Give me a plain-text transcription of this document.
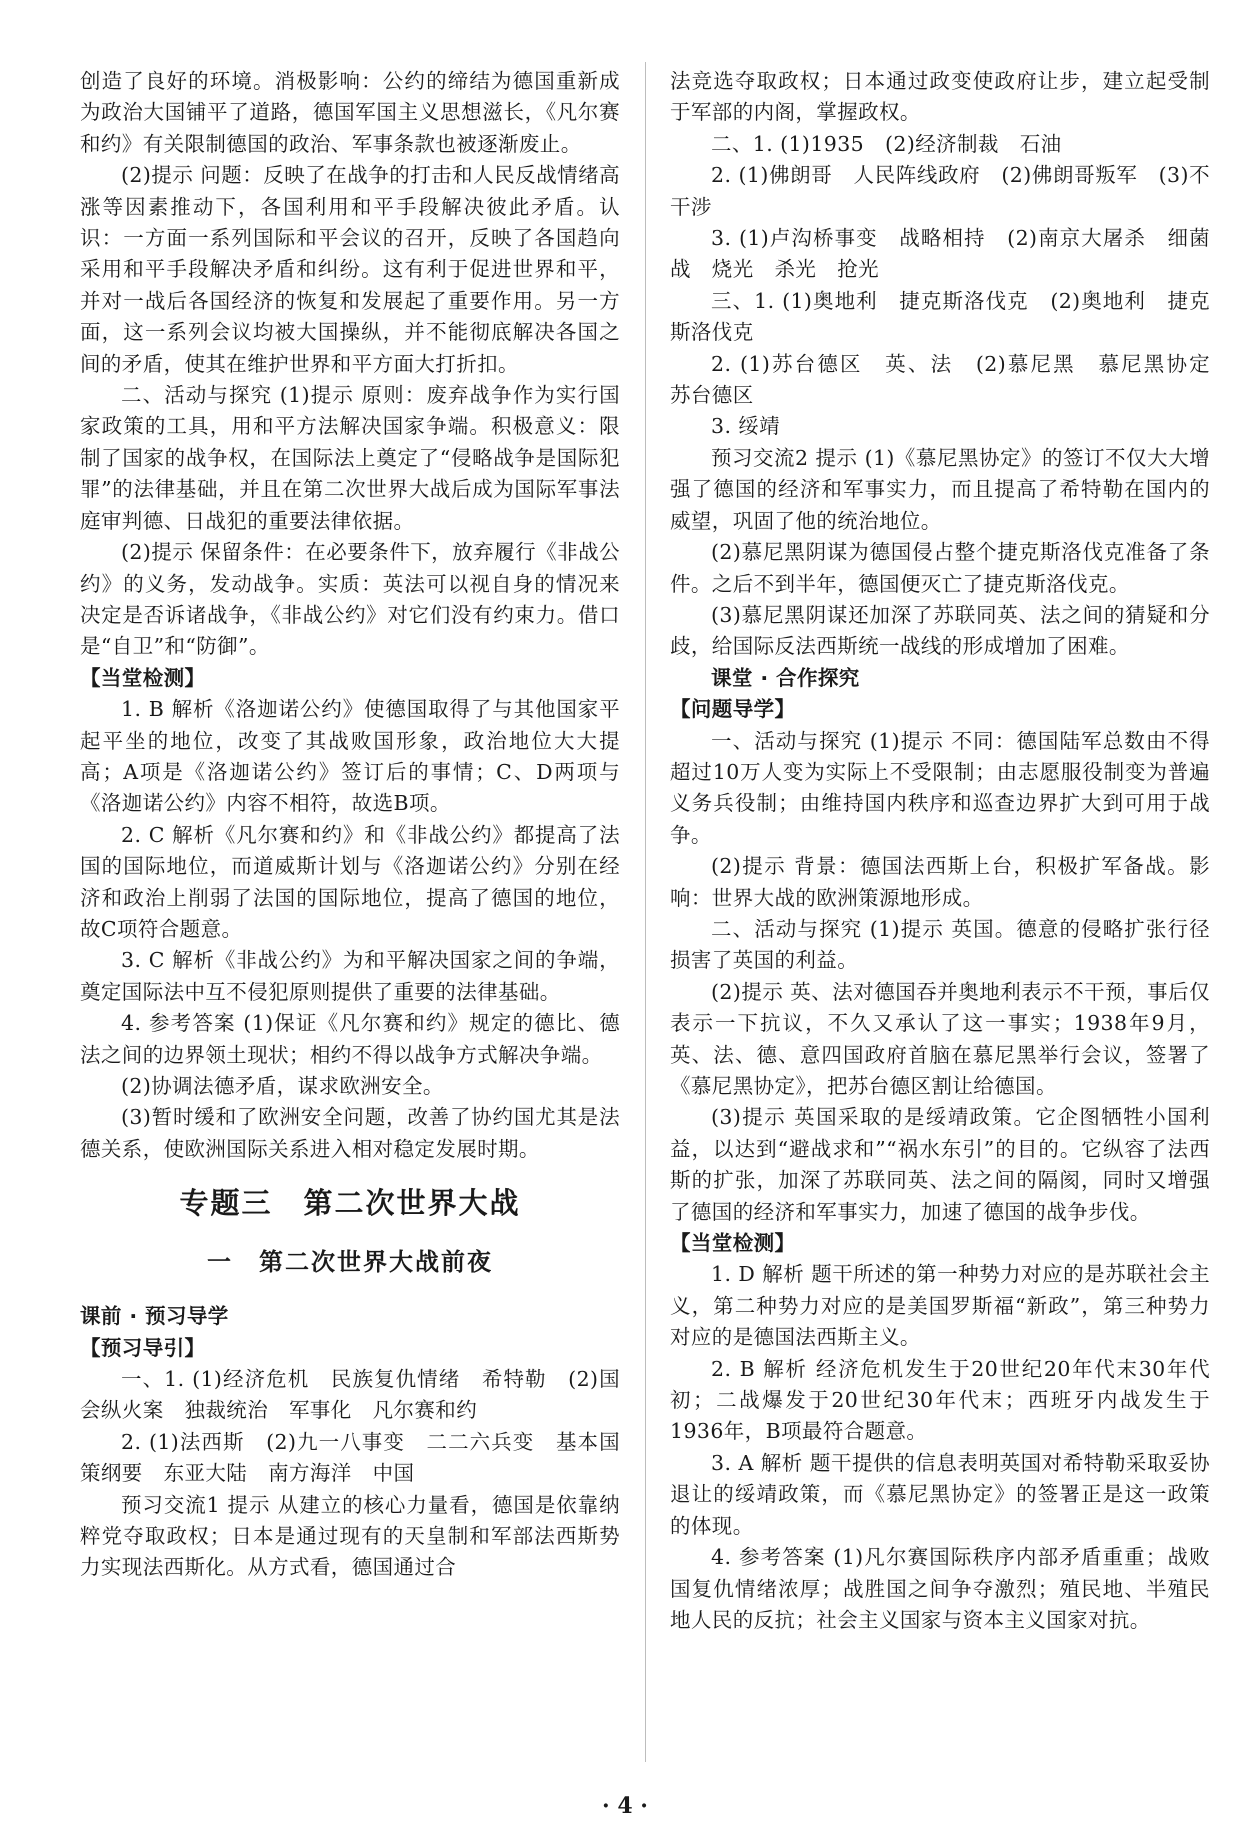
创造了良好的环境。消极影响：公约的缔结为德国重新成为政治大国铺平了道路，德国军国主义思想滋长，《凡尔赛和约》有关限制德国的政治、军事条款也被逐渐废止。

(2)提示 问题：反映了在战争的打击和人民反战情绪高涨等因素推动下，各国利用和平手段解决彼此矛盾。认识：一方面一系列国际和平会议的召开，反映了各国趋向采用和平手段解决矛盾和纠纷。这有利于促进世界和平，并对一战后各国经济的恢复和发展起了重要作用。另一方面，这一系列会议均被大国操纵，并不能彻底解决各国之间的矛盾，使其在维护世界和平方面大打折扣。

二、活动与探究 (1)提示 原则：废弃战争作为实行国家政策的工具，用和平方法解决国家争端。积极意义：限制了国家的战争权，在国际法上奠定了“侵略战争是国际犯罪”的法律基础，并且在第二次世界大战后成为国际军事法庭审判德、日战犯的重要法律依据。

(2)提示 保留条件：在必要条件下，放弃履行《非战公约》的义务，发动战争。实质：英法可以视自身的情况来决定是否诉诸战争，《非战公约》对它们没有约束力。借口是“自卫”和“防御”。

【当堂检测】

1. B 解析《洛迦诺公约》使德国取得了与其他国家平起平坐的地位，改变了其战败国形象，政治地位大大提高；A项是《洛迦诺公约》签订后的事情；C、D两项与《洛迦诺公约》内容不相符，故选B项。

2. C 解析《凡尔赛和约》和《非战公约》都提高了法国的国际地位，而道威斯计划与《洛迦诺公约》分别在经济和政治上削弱了法国的国际地位，提高了德国的地位，故C项符合题意。

3. C 解析《非战公约》为和平解决国家之间的争端，奠定国际法中互不侵犯原则提供了重要的法律基础。

4. 参考答案 (1)保证《凡尔赛和约》规定的德比、德法之间的边界领土现状；相约不得以战争方式解决争端。

(2)协调法德矛盾，谋求欧洲安全。

(3)暂时缓和了欧洲安全问题，改善了协约国尤其是法德关系，使欧洲国际关系进入相对稳定发展时期。

专题三　第二次世界大战
一　第二次世界大战前夜

课前 · 预习导学

【预习导引】

一、1. (1)经济危机　民族复仇情绪　希特勒　(2)国会纵火案　独裁统治　军事化　凡尔赛和约

2. (1)法西斯　(2)九一八事变　二二六兵变　基本国策纲要　东亚大陆　南方海洋　中国

预习交流1 提示 从建立的核心力量看，德国是依靠纳粹党夺取政权；日本是通过现有的天皇制和军部法西斯势力实现法西斯化。从方式看，德国通过合

法竞选夺取政权；日本通过政变使政府让步，建立起受制于军部的内阁，掌握政权。

二、1. (1)1935　(2)经济制裁　石油

2. (1)佛朗哥　人民阵线政府　(2)佛朗哥叛军　(3)不干涉

3. (1)卢沟桥事变　战略相持　(2)南京大屠杀　细菌战　烧光　杀光　抢光

三、1. (1)奥地利　捷克斯洛伐克　(2)奥地利　捷克斯洛伐克

2. (1)苏台德区　英、法　(2)慕尼黑　慕尼黑协定　苏台德区

3. 绥靖

预习交流2 提示 (1)《慕尼黑协定》的签订不仅大大增强了德国的经济和军事实力，而且提高了希特勒在国内的威望，巩固了他的统治地位。

(2)慕尼黑阴谋为德国侵占整个捷克斯洛伐克准备了条件。之后不到半年，德国便灭亡了捷克斯洛伐克。

(3)慕尼黑阴谋还加深了苏联同英、法之间的猜疑和分歧，给国际反法西斯统一战线的形成增加了困难。

课堂 · 合作探究

【问题导学】

一、活动与探究 (1)提示 不同：德国陆军总数由不得超过10万人变为实际上不受限制；由志愿服役制变为普遍义务兵役制；由维持国内秩序和巡查边界扩大到可用于战争。

(2)提示 背景：德国法西斯上台，积极扩军备战。影响：世界大战的欧洲策源地形成。

二、活动与探究 (1)提示 英国。德意的侵略扩张行径损害了英国的利益。

(2)提示 英、法对德国吞并奥地利表示不干预，事后仅表示一下抗议，不久又承认了这一事实；1938年9月，英、法、德、意四国政府首脑在慕尼黑举行会议，签署了《慕尼黑协定》，把苏台德区割让给德国。

(3)提示 英国采取的是绥靖政策。它企图牺牲小国利益，以达到“避战求和”“祸水东引”的目的。它纵容了法西斯的扩张，加深了苏联同英、法之间的隔阂，同时又增强了德国的经济和军事实力，加速了德国的战争步伐。

【当堂检测】

1. D 解析 题干所述的第一种势力对应的是苏联社会主义，第二种势力对应的是美国罗斯福“新政”，第三种势力对应的是德国法西斯主义。

2. B 解析 经济危机发生于20世纪20年代末30年代初；二战爆发于20世纪30年代末；西班牙内战发生于1936年，B项最符合题意。

3. A 解析 题干提供的信息表明英国对希特勒采取妥协退让的绥靖政策，而《慕尼黑协定》的签署正是这一政策的体现。

4. 参考答案 (1)凡尔赛国际秩序内部矛盾重重；战败国复仇情绪浓厚；战胜国之间争夺激烈；殖民地、半殖民地人民的反抗；社会主义国家与资本主义国家对抗。

· 4 ·
